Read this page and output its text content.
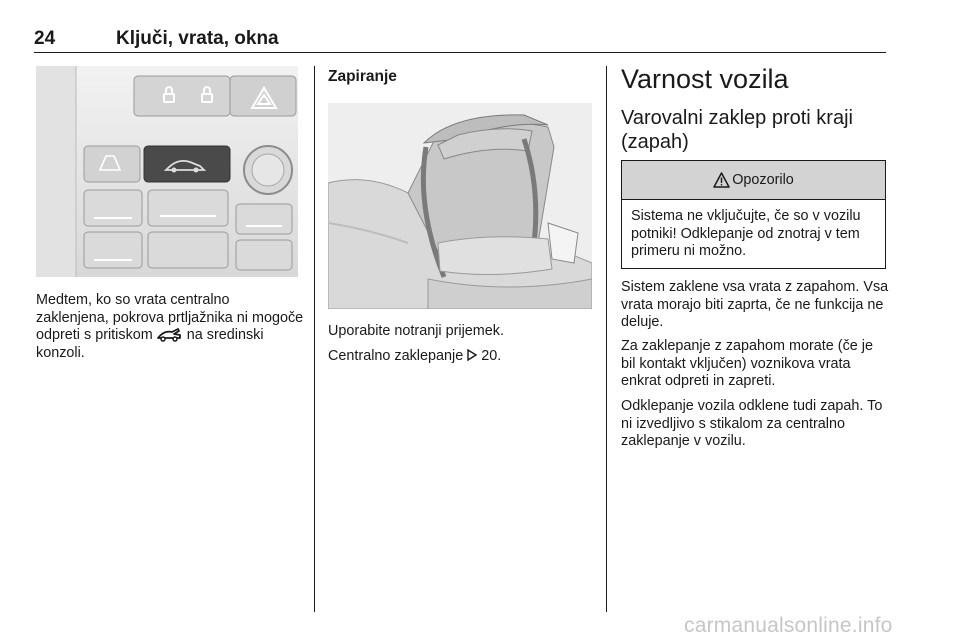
24	Ključi, vrata, okna
Medtem, ko so vrata centralno zaklenjena, pokrova prtljažnika ni mogoče odpreti s pritiskom na sredinski konzoli.
Zapiranje
Uporabite notranji prijemek.
Centralno zaklepanje 20.
Varnost vozila
Varovalni zaklep proti kraji (zapah)
Opozorilo
Sistema ne vključujte, če so v vozilu potniki! Odklepanje od znotraj v tem primeru ni možno.
Sistem zaklene vsa vrata z zapahom. Vsa vrata morajo biti zaprta, če ne funkcija ne deluje.
Za zaklepanje z zapahom morate (če je bil kontakt vključen) voznikova vrata enkrat odpreti in zapreti.
Odklepanje vozila odklene tudi zapah. To ni izvedljivo s stikalom za centralno zaklepanje v vozilu.
carmanualsonline.info
